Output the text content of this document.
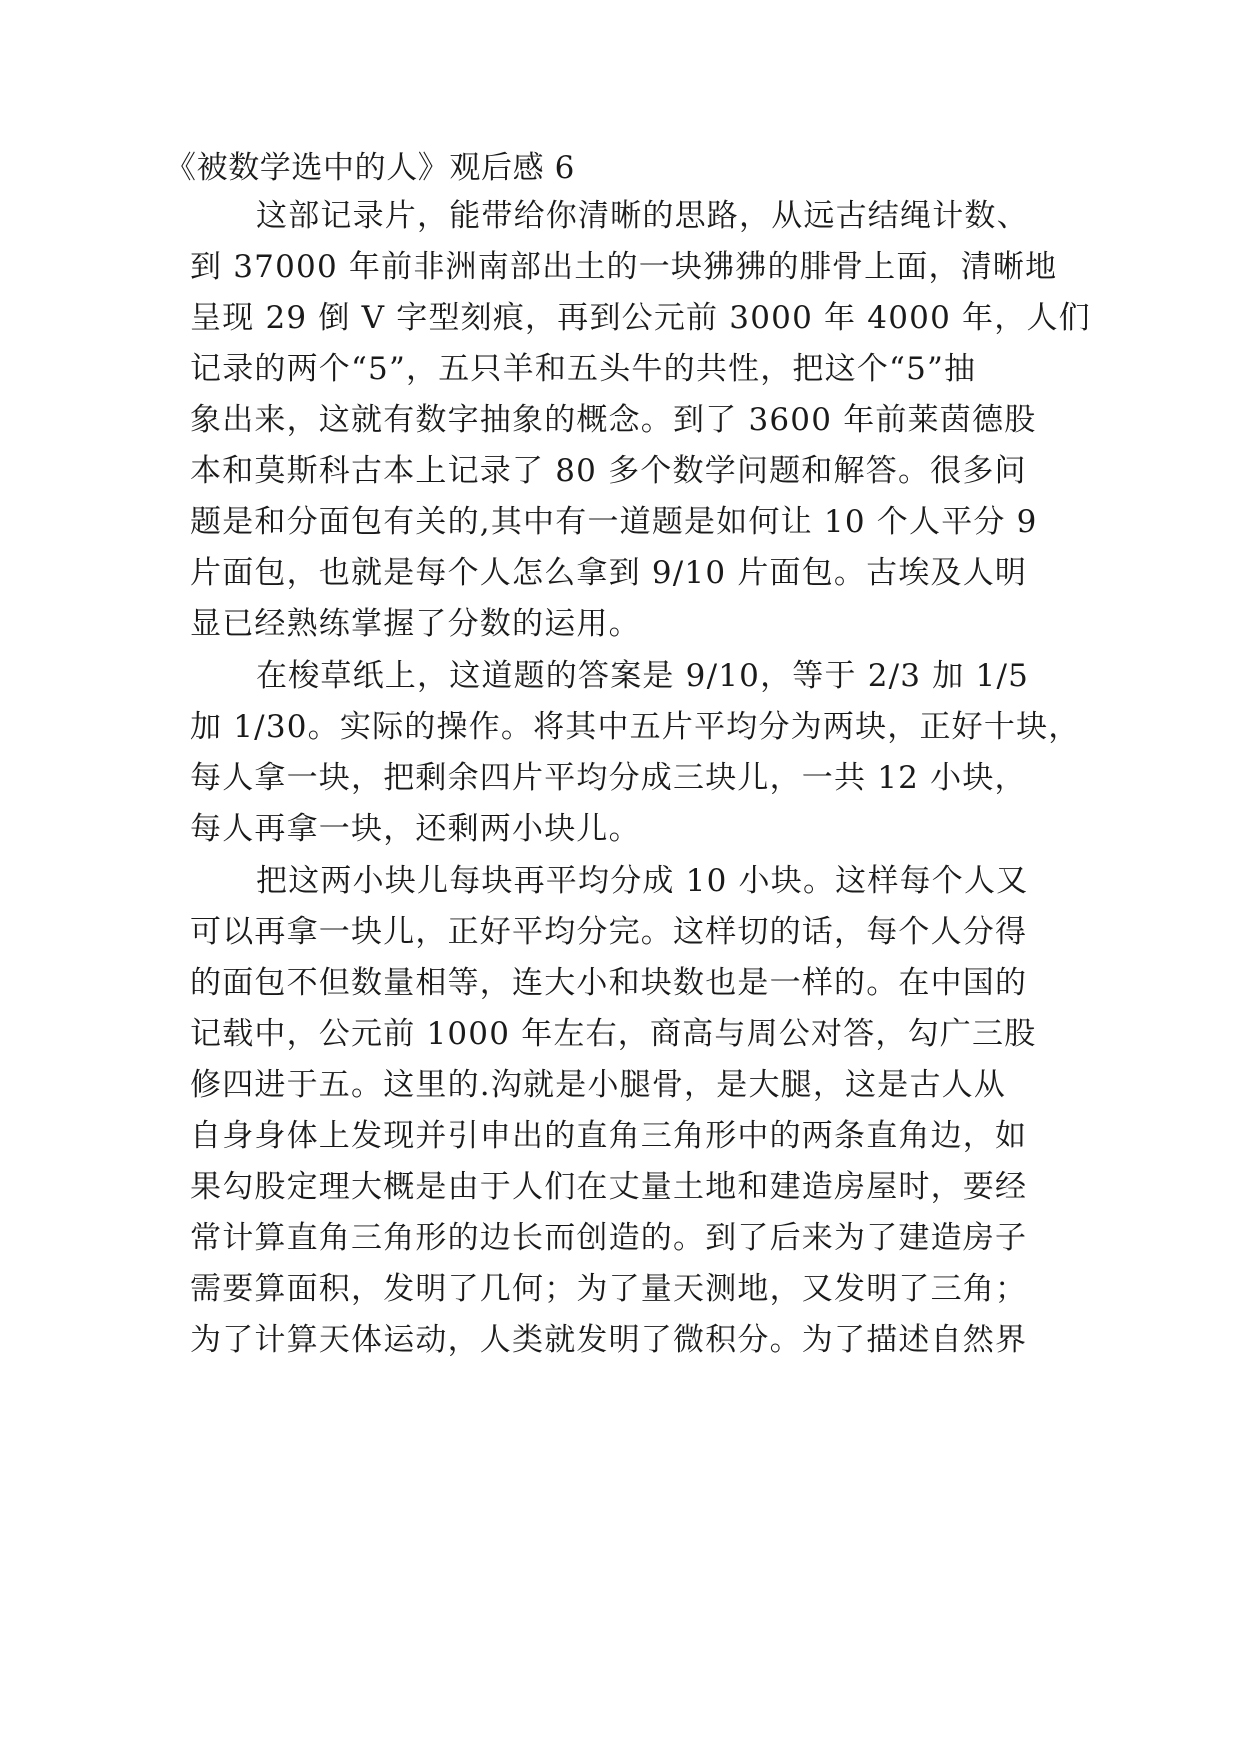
《被数学选中的人》观后感 6
这部记录片，能带给你清晰的思路，从远古结绳计数、
到 37000 年前非洲南部出土的一块狒狒的腓骨上面，清晰地
呈现 29 倒 V 字型刻痕，再到公元前 3000 年 4000 年，人们
记录的两个“5”，五只羊和五头牛的共性，把这个“5”抽
象出来，这就有数字抽象的概念。到了 3600 年前莱茵德股
本和莫斯科古本上记录了 80 多个数学问题和解答。很多问
题是和分面包有关的,其中有一道题是如何让 10 个人平分 9
片面包，也就是每个人怎么拿到 9/10 片面包。古埃及人明
显已经熟练掌握了分数的运用。
在梭草纸上，这道题的答案是 9/10，等于 2/3 加 1/5
加 1/30。实际的操作。将其中五片平均分为两块，正好十块，
每人拿一块，把剩余四片平均分成三块儿，一共 12 小块，
每人再拿一块，还剩两小块儿。
把这两小块儿每块再平均分成 10 小块。这样每个人又
可以再拿一块儿，正好平均分完。这样切的话，每个人分得
的面包不但数量相等，连大小和块数也是一样的。在中国的
记载中，公元前 1000 年左右，商高与周公对答，勾广三股
修四进于五。这里的.沟就是小腿骨，是大腿，这是古人从
自身身体上发现并引申出的直角三角形中的两条直角边，如
果勾股定理大概是由于人们在丈量土地和建造房屋时，要经
常计算直角三角形的边长而创造的。到了后来为了建造房子
需要算面积，发明了几何；为了量天测地，又发明了三角；
为了计算天体运动，人类就发明了微积分。为了描述自然界
